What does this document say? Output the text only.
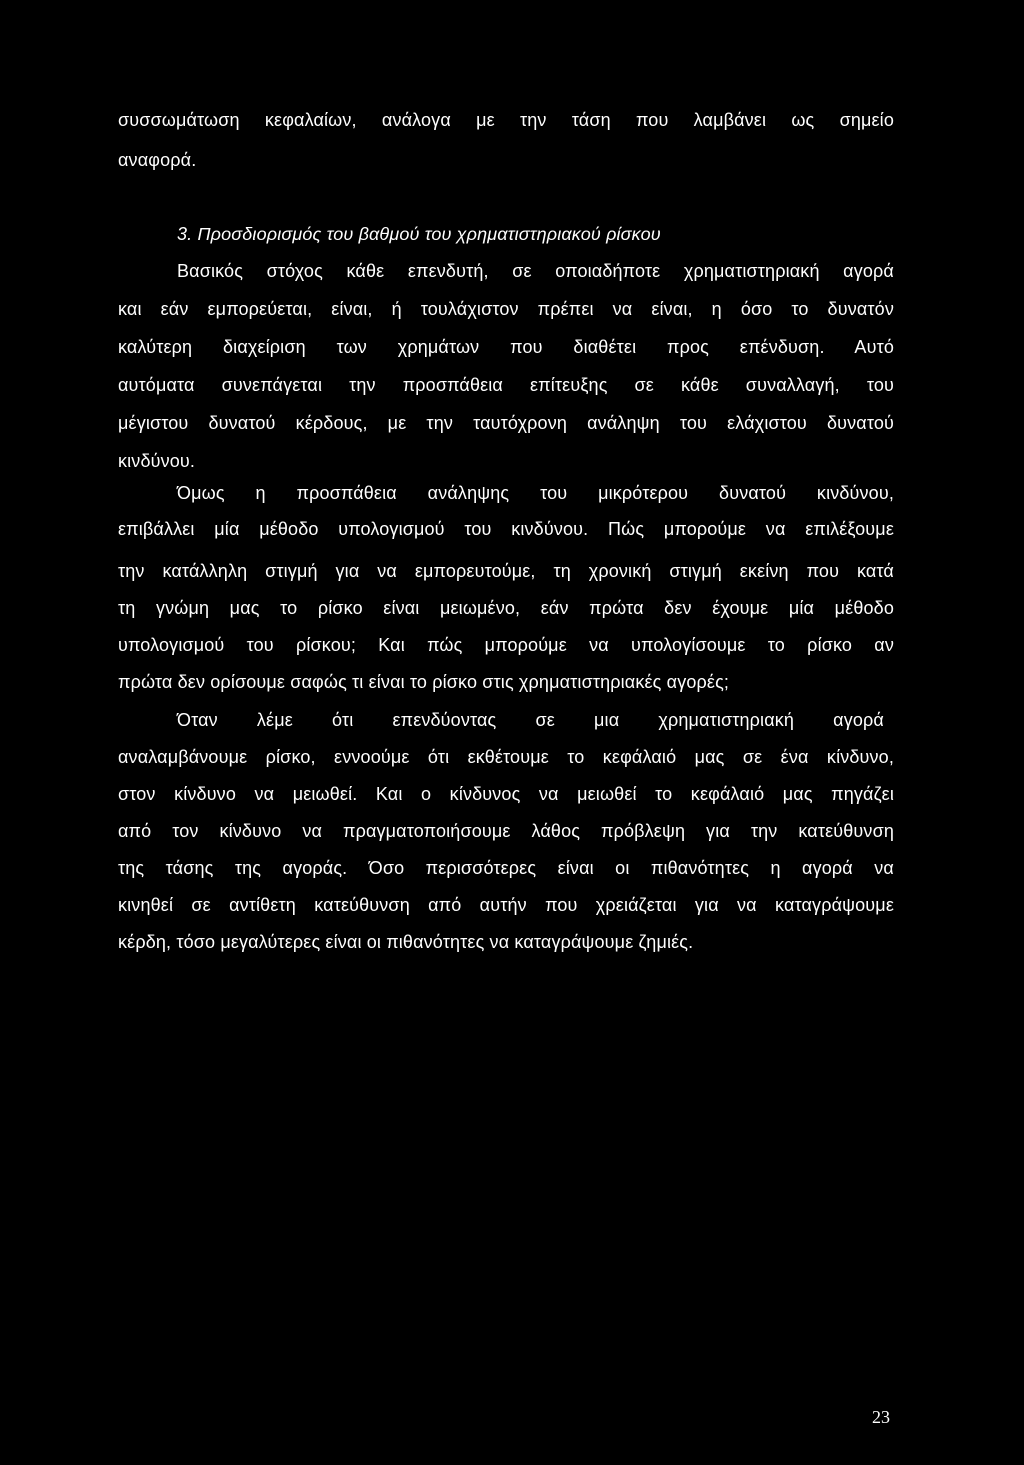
συσσωμάτωση κεφαλαίων, ανάλογα με την τάση που λαμβάνει ως σημείο
αναφορά.
3. Προσδιορισμός του βαθμού του χρηματιστηριακού ρίσκου
Βασικός στόχος κάθε επενδυτή, σε οποιαδήποτε χρηματιστηριακή αγορά
και εάν εμπορεύεται, είναι, ή τουλάχιστον πρέπει να είναι, η όσο το δυνατόν
καλύτερη διαχείριση των χρημάτων που διαθέτει προς επένδυση. Αυτό
αυτόματα συνεπάγεται την προσπάθεια επίτευξης σε κάθε συναλλαγή, του
μέγιστου δυνατού κέρδους, με την ταυτόχρονη ανάληψη του ελάχιστου δυνατού
κινδύνου.
Όμως η προσπάθεια ανάληψης του μικρότερου δυνατού κινδύνου,
επιβάλλει μία μέθοδο υπολογισμού του κινδύνου. Πώς μπορούμε να επιλέξουμε
την κατάλληλη στιγμή για να εμπορευτούμε, τη χρονική στιγμή εκείνη που κατά
τη γνώμη μας το ρίσκο είναι μειωμένο, εάν πρώτα δεν έχουμε μία μέθοδο
υπολογισμού του ρίσκου; Και πώς μπορούμε να υπολογίσουμε το ρίσκο αν
πρώτα δεν ορίσουμε σαφώς τι είναι το ρίσκο στις χρηματιστηριακές αγορές;
Όταν λέμε ότι επενδύοντας σε μια χρηματιστηριακή αγορά
αναλαμβάνουμε ρίσκο, εννοούμε ότι εκθέτουμε το κεφάλαιό μας σε ένα κίνδυνο,
στον κίνδυνο να μειωθεί. Και ο κίνδυνος να μειωθεί το κεφάλαιό μας πηγάζει
από τον κίνδυνο να πραγματοποιήσουμε λάθος πρόβλεψη για την κατεύθυνση
της τάσης της αγοράς. Όσο περισσότερες είναι οι πιθανότητες η αγορά να
κινηθεί σε αντίθετη κατεύθυνση από αυτήν που χρειάζεται για να καταγράψουμε
κέρδη, τόσο μεγαλύτερες είναι οι πιθανότητες να καταγράψουμε ζημιές.
23
